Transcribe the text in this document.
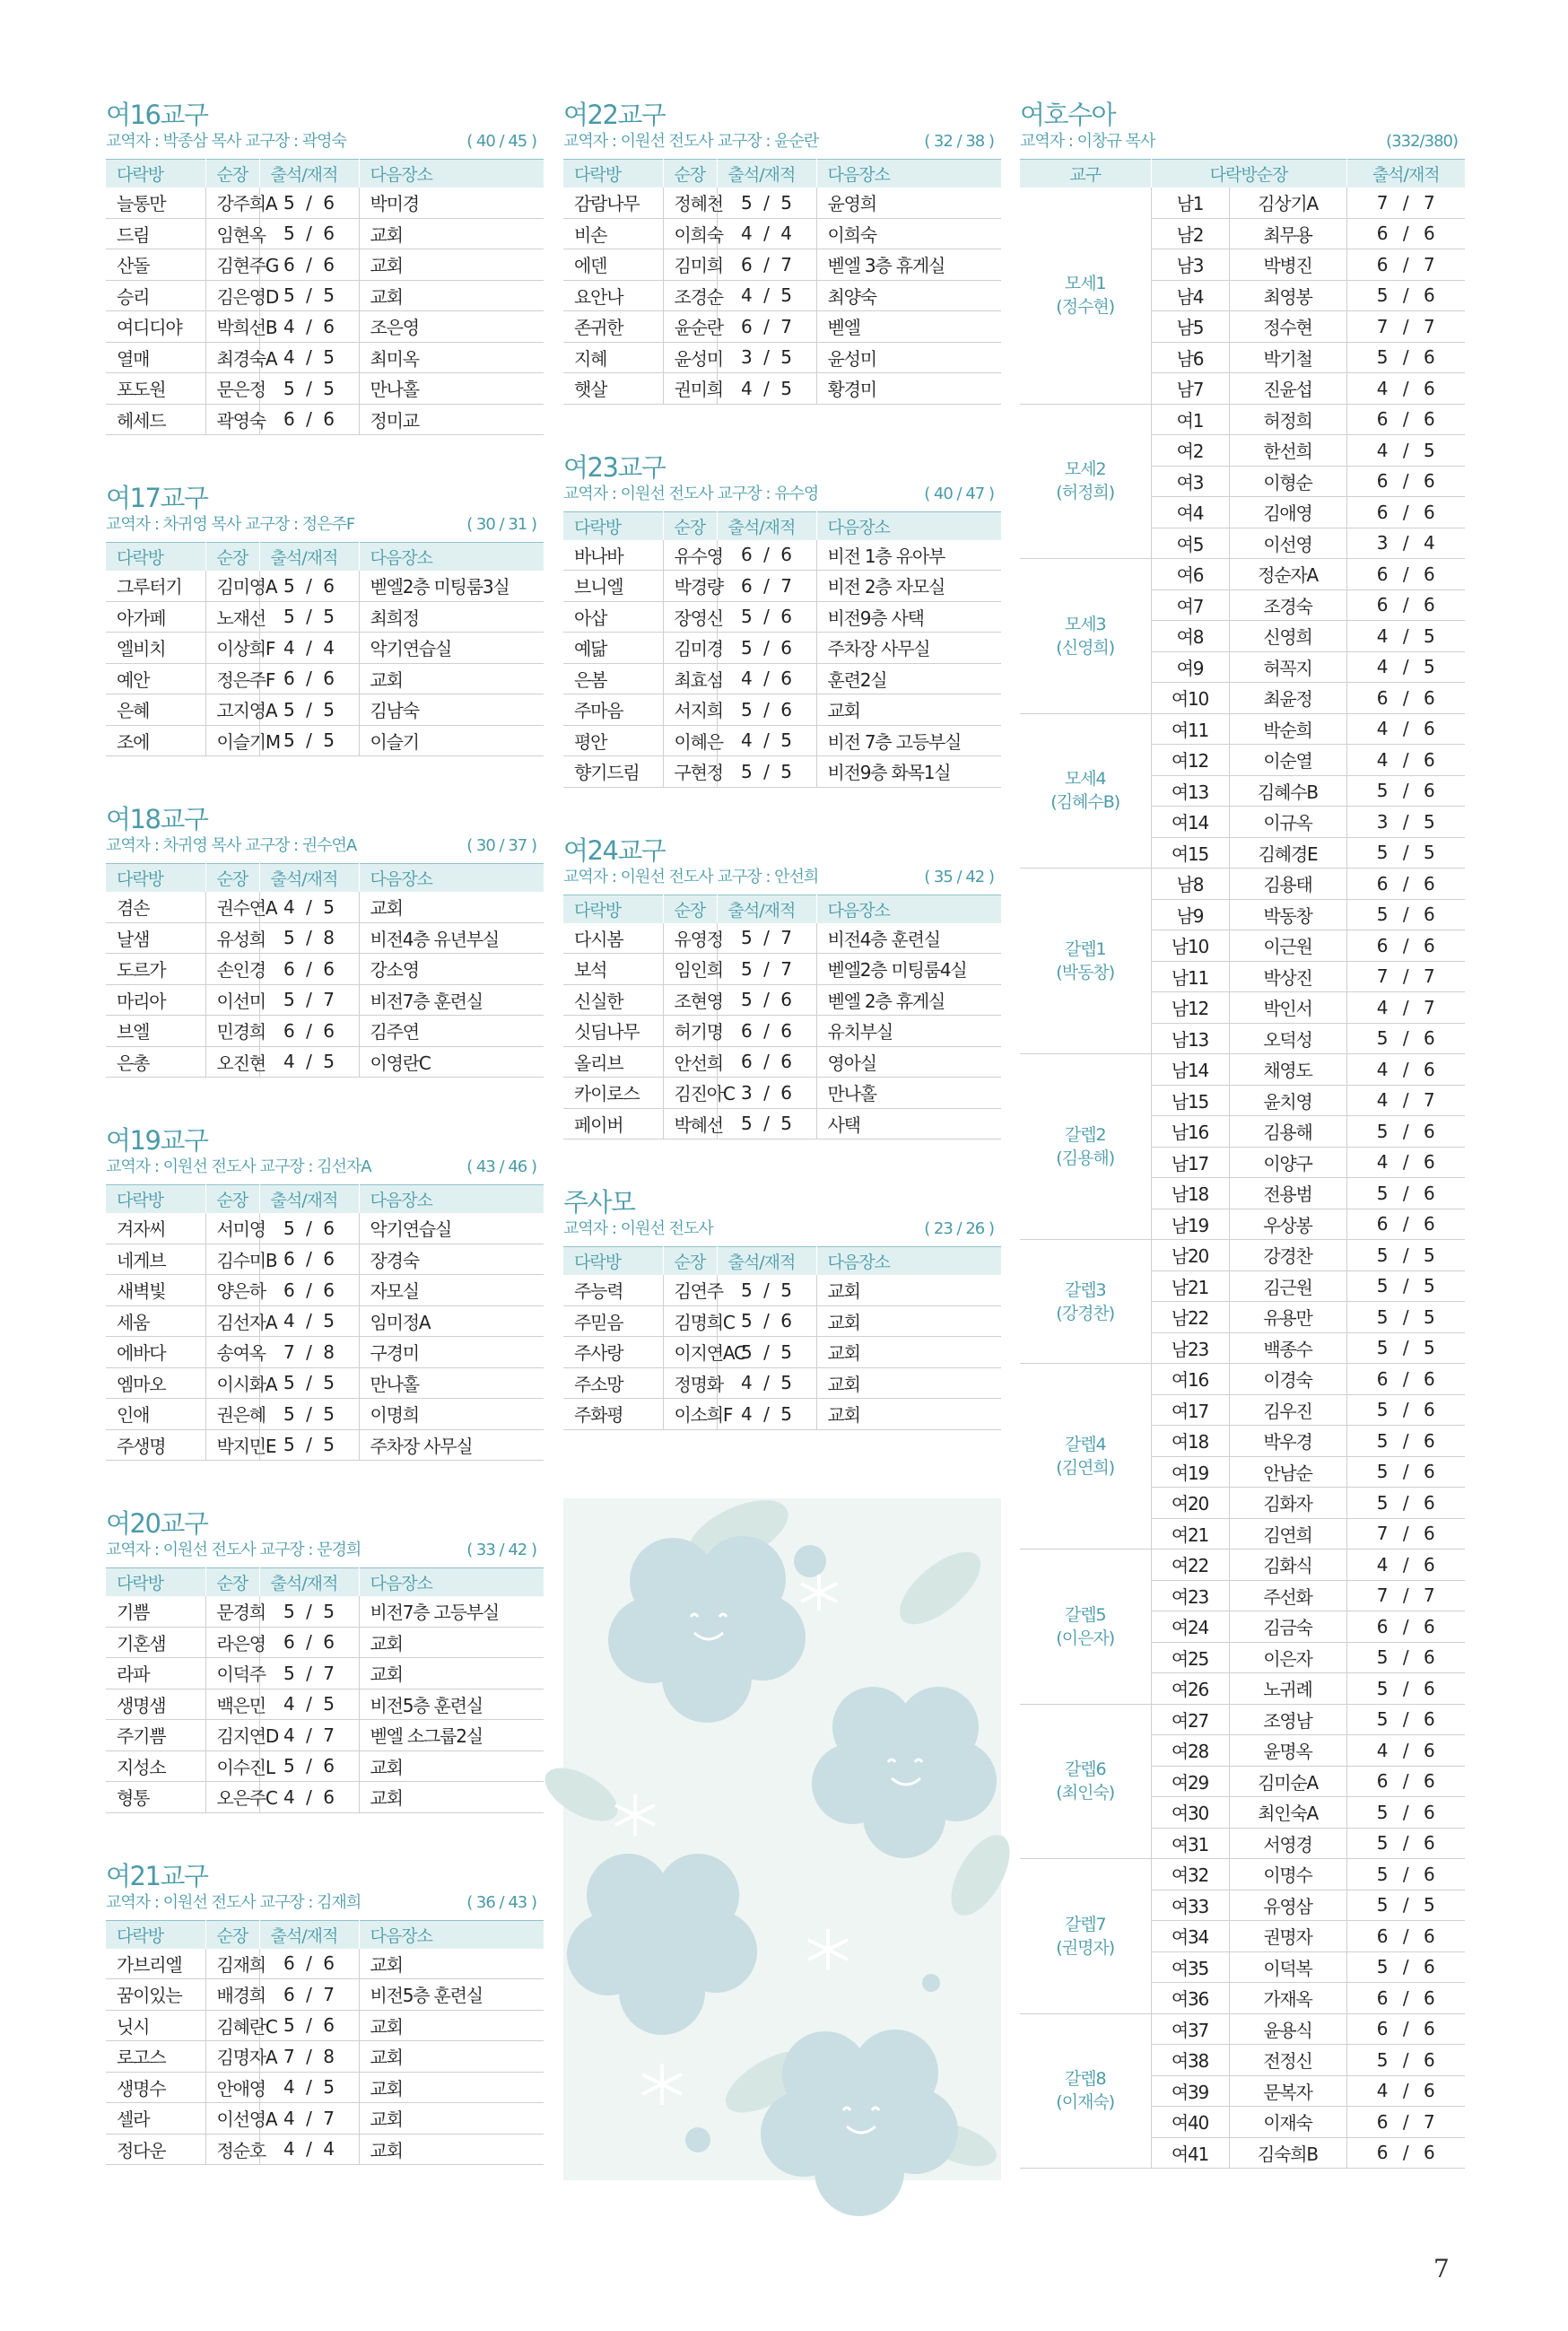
여16교구
교역자 : 박종삼 목사 교구장 : 곽영숙	( 40 / 45 )
다락방	순장	출석/재적	다음장소
늘통만	강주희A	5 / 6	박미경
드림	임현옥	5 / 6	교회
산돌	김현주G	6 / 6	교회
승리	김은영D	5 / 5	교회
여디디야	박희선B	4 / 6	조은영
열매	최경숙A	4 / 5	최미옥
포도원	문은정	5 / 5	만나홀
헤세드	곽영숙	6 / 6	정미교
여17교구
교역자 : 차귀영 목사 교구장 : 정은주F	( 30 / 31 )
다락방	순장	출석/재적	다음장소
그루터기	김미영A	5 / 6	벧엘2층 미팅룸3실
아가페	노재선	5 / 5	최희정
엘비치	이상희F	4 / 4	악기연습실
예안	정은주F	6 / 6	교회
은혜	고지영A	5 / 5	김남숙
조에	이슬기M	5 / 5	이슬기
여18교구
교역자 : 차귀영 목사 교구장 : 권수연A	( 30 / 37 )
다락방	순장	출석/재적	다음장소
겸손	권수연A	4 / 5	교회
날샘	유성희	5 / 8	비전4층 유년부실
도르가	손인경	6 / 6	강소영
마리아	이선미	5 / 7	비전7층 훈련실
브엘	민경희	6 / 6	김주연
은총	오진현	4 / 5	이영란C
여19교구
교역자 : 이원선 전도사 교구장 : 김선자A	( 43 / 46 )
다락방	순장	출석/재적	다음장소
겨자씨	서미영	5 / 6	악기연습실
네게브	김수미B	6 / 6	장경숙
새벽빛	양은하	6 / 6	자모실
세움	김선자A	4 / 5	임미정A
에바다	송여옥	7 / 8	구경미
엠마오	이시화A	5 / 5	만나홀
인애	권은혜	5 / 5	이명희
주생명	박지민E	5 / 5	주차장 사무실
여20교구
교역자 : 이원선 전도사 교구장 : 문경희	( 33 / 42 )
다락방	순장	출석/재적	다음장소
기쁨	문경희	5 / 5	비전7층 고등부실
기혼샘	라은영	6 / 6	교회
라파	이덕주	5 / 7	교회
생명샘	백은민	4 / 5	비전5층 훈련실
주기쁨	김지연D	4 / 7	벧엘 소그룹2실
지성소	이수진L	5 / 6	교회
형통	오은주C	4 / 6	교회
여21교구
교역자 : 이원선 전도사 교구장 : 김재희	( 36 / 43 )
다락방	순장	출석/재적	다음장소
가브리엘	김재희	6 / 6	교회
꿈이있는	배경희	6 / 7	비전5층 훈련실
닛시	김혜란C	5 / 6	교회
로고스	김명자A	7 / 8	교회
생명수	안애영	4 / 5	교회
셀라	이선영A	4 / 7	교회
정다운	정순호	4 / 4	교회
여22교구
교역자 : 이원선 전도사 교구장 : 윤순란	( 32 / 38 )
다락방	순장	출석/재적	다음장소
감람나무	정혜천	5 / 5	윤영희
비손	이희숙	4 / 4	이희숙
에덴	김미희	6 / 7	벧엘 3층 휴게실
요안나	조경순	4 / 5	최양숙
존귀한	윤순란	6 / 7	벧엘
지혜	윤성미	3 / 5	윤성미
햇살	권미희	4 / 5	황경미
여23교구
교역자 : 이원선 전도사 교구장 : 유수영	( 40 / 47 )
다락방	순장	출석/재적	다음장소
바나바	유수영	6 / 6	비전 1층 유아부
브니엘	박경량	6 / 7	비전 2층 자모실
아삽	장영신	5 / 6	비전9층 사택
예닮	김미경	5 / 6	주차장 사무실
은봄	최효섬	4 / 6	훈련2실
주마음	서지희	5 / 6	교회
평안	이혜은	4 / 5	비전 7층 고등부실
향기드림	구현정	5 / 5	비전9층 화목1실
여24교구
교역자 : 이원선 전도사 교구장 : 안선희	( 35 / 42 )
다락방	순장	출석/재적	다음장소
다시봄	유영정	5 / 7	비전4층 훈련실
보석	임인희	5 / 7	벧엘2층 미팅룸4실
신실한	조현영	5 / 6	벧엘 2층 휴게실
싯딤나무	허기명	6 / 6	유치부실
올리브	안선희	6 / 6	영아실
카이로스	김진아C	3 / 6	만나홀
페이버	박혜선	5 / 5	사택
주사모
교역자 : 이원선 전도사	( 23 / 26 )
다락방	순장	출석/재적	다음장소
주능력	김연주	5 / 5	교회
주믿음	김명희C	5 / 6	교회
주사랑	이지연AC	5 / 5	교회
주소망	정명화	4 / 5	교회
주화평	이소희F	4 / 5	교회
여호수아
교역자 : 이창규 목사	(332/380)
교구	다락방순장		출석/재적

모세1
(정수현)	남1	김상기A	7 / 7
	남2	최무용	6 / 6
	남3	박병진	6 / 7
	남4	최영봉	5 / 6
	남5	정수현	7 / 7
	남6	박기철	5 / 6
	남7	진윤섭	4 / 6

모세2
(허정희)	여1	허정희	6 / 6
	여2	한선희	4 / 5
	여3	이형순	6 / 6
	여4	김애영	6 / 6
	여5	이선영	3 / 4

모세3
(신영희)	여6	정순자A	6 / 6
	여7	조경숙	6 / 6
	여8	신영희	4 / 5
	여9	허꼭지	4 / 5
	여10	최윤정	6 / 6

모세4
(김혜수B)	여11	박순희	4 / 6
	여12	이순열	4 / 6
	여13	김혜수B	5 / 6
	여14	이규옥	3 / 5
	여15	김혜경E	5 / 5

갈렙1
(박동창)	남8	김용태	6 / 6
	남9	박동창	5 / 6
	남10	이근원	6 / 6
	남11	박상진	7 / 7
	남12	박인서	4 / 7
	남13	오덕성	5 / 6

갈렙2
(김용해)	남14	채영도	4 / 6
	남15	윤치영	4 / 7
	남16	김용해	5 / 6
	남17	이양구	4 / 6
	남18	전용범	5 / 6
	남19	우상봉	6 / 6

갈렙3
(강경찬)	남20	강경찬	5 / 5
	남21	김근원	5 / 5
	남22	유용만	5 / 5
	남23	백종수	5 / 5

갈렙4
(김연희)	여16	이경숙	6 / 6
	여17	김우진	5 / 6
	여18	박우경	5 / 6
	여19	안남순	5 / 6
	여20	김화자	5 / 6
	여21	김연희	7 / 6

갈렙5
(이은자)	여22	김화식	4 / 6
	여23	주선화	7 / 7
	여24	김금숙	6 / 6
	여25	이은자	5 / 6
	여26	노귀례	5 / 6

갈렙6
(최인숙)	여27	조영남	5 / 6
	여28	윤명옥	4 / 6
	여29	김미순A	6 / 6
	여30	최인숙A	5 / 6
	여31	서영경	5 / 6

갈렙7
(권명자)	여32	이명수	5 / 6
	여33	유영삼	5 / 5
	여34	권명자	6 / 6
	여35	이덕복	5 / 6
	여36	가재옥	6 / 6

갈렙8
(이재숙)	여37	윤용식	6 / 6
	여38	전정신	5 / 6
	여39	문복자	4 / 6
	여40	이재숙	6 / 7
	여41	김숙희B	6 / 6
7
